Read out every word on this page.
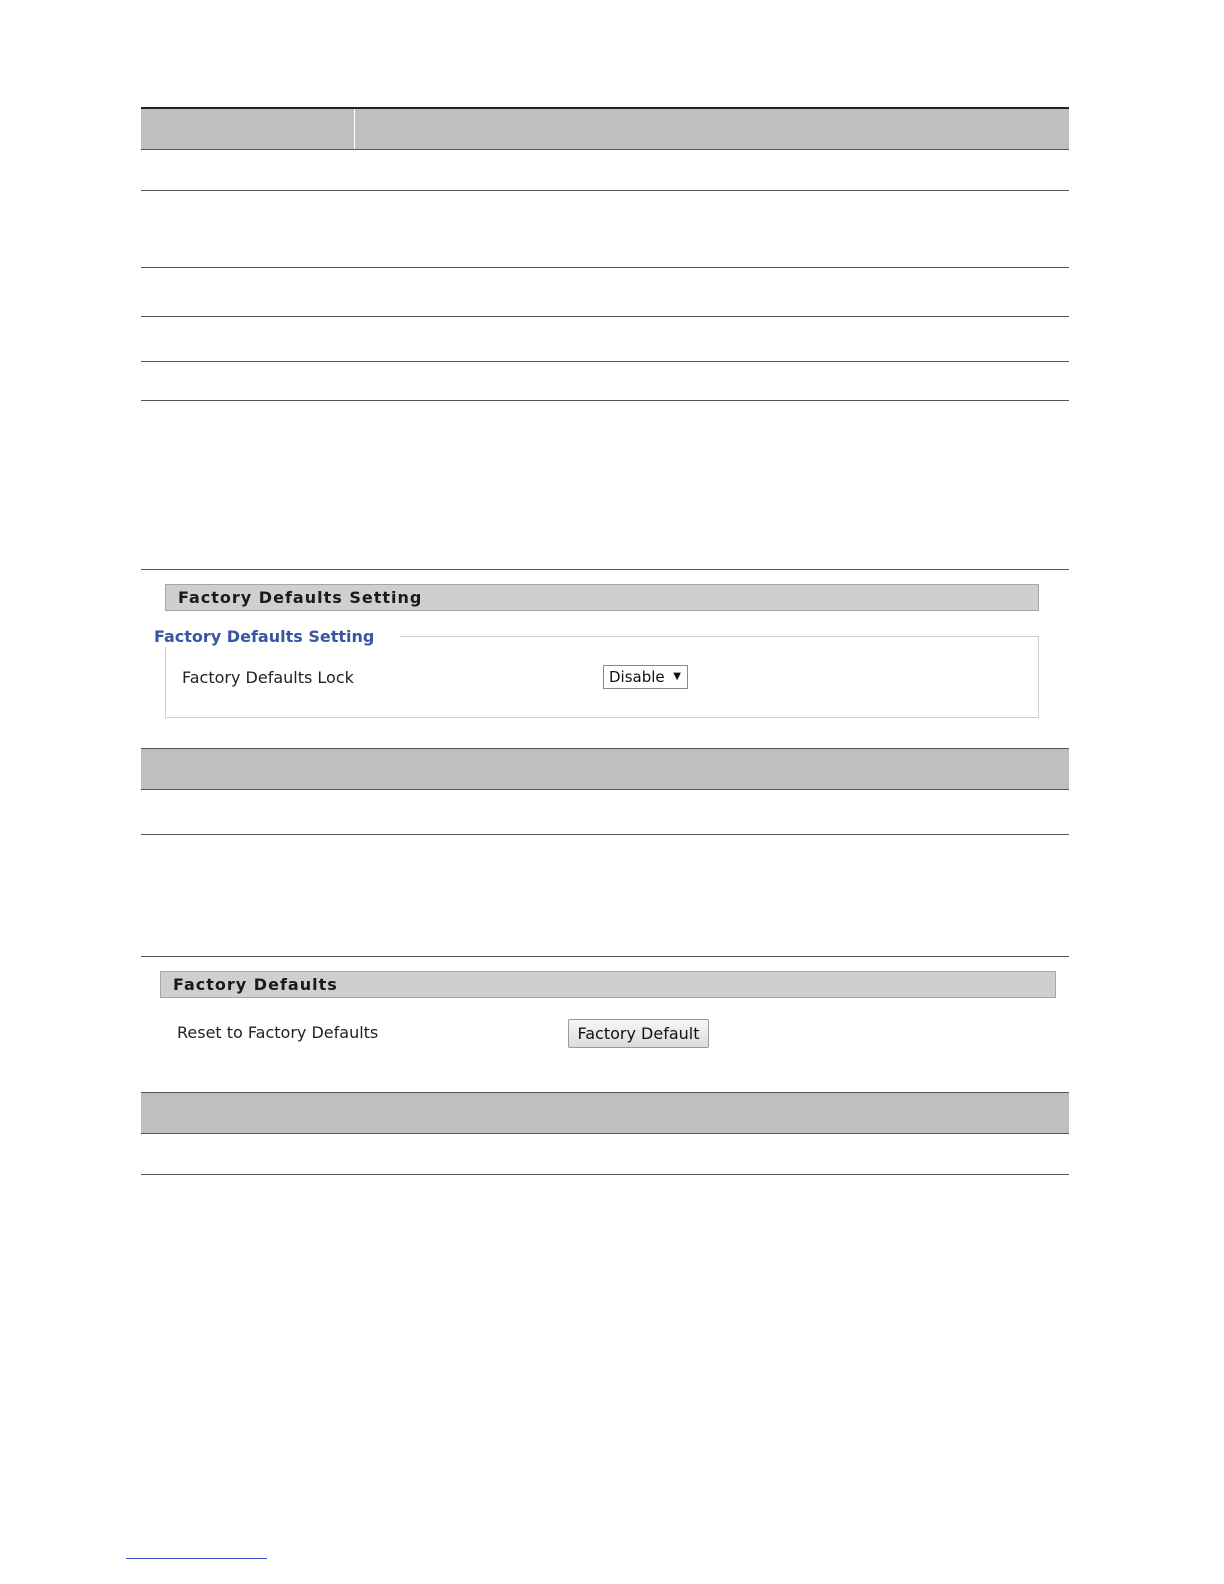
Factory Defaults Setting
Factory Defaults Setting
Factory Defaults Lock	Disable ▼
Factory Defaults
Reset to Factory Defaults	Factory Default
